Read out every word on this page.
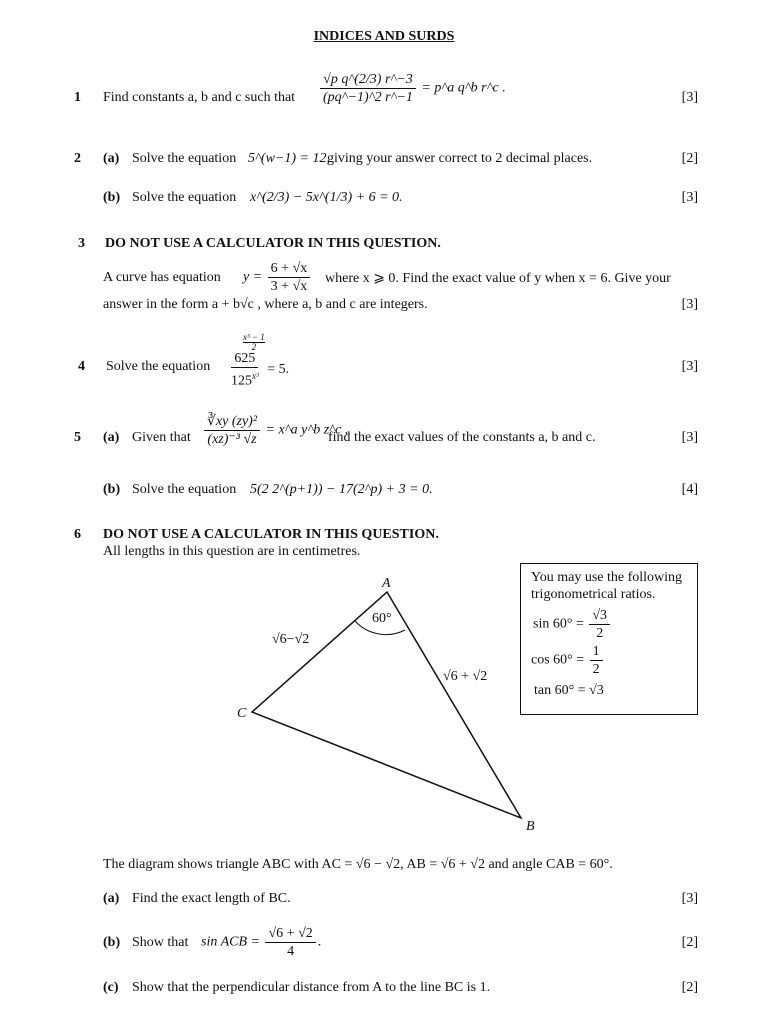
INDICES AND SURDS
1 Find constants a, b and c such that $\frac{\text{√p q\textasciicircum{}(2/3) r\textasciicircum{}−3}}{(pq\^{}-1)\^{}2 r\^{}-1}$ = p^a q^b r^c .
[3]
2 (a) Solve the equation 5^(w−1) = 12,
giving your answer correct to 2 decimal places.	[2]
(b) Solve the equation x^(2/3) − 5x^(1/3) + 6 = 0.	[3]
3 DO NOT USE A CALCULATOR IN THIS QUESTION.
A curve has equation $y = \frac{6 + √x}{3 + √x}$ where x ⩾ 0. Find the exact value of y when x = 6. Give your
answer in the form a + b√c , where a, b and c are integers.	[3]
4 Solve the equation
x³ − 1
2
$\frac{625}{125^{x^3}} = 5$.	[3]
5 (a) Given that $\frac{\text{∛xy (zy)²}}{\text{(xz)⁻³ √z}}$ = x^a y^b z^c ,
find the exact values of the constants a, b and c.	[3]
(b) Solve the equation 5(2 2^(p+1)) − 17(2^p) + 3 = 0.	[4]
6 DO NOT USE A CALCULATOR IN THIS QUESTION.
All lengths in this question are in centimetres.
A
C
B
60°
√6−√2
√6 + √2
You may use the following
trigonometrical ratios.
$\sin 60^\circ = \frac{√3}{2}$
$\cos 60^\circ = \frac{1}{2}$
tan 60° = √3
The diagram shows triangle ABC with AC = √6 − √2, AB = √6 + √2 and angle CAB = 60°.
(a) Find the exact length of BC.	[3]
(b) Show that sin ACB = $\frac{√6 + √2}{4}$ .	[2]
(c) Show that the perpendicular distance from A to the line BC is 1.	[2]
